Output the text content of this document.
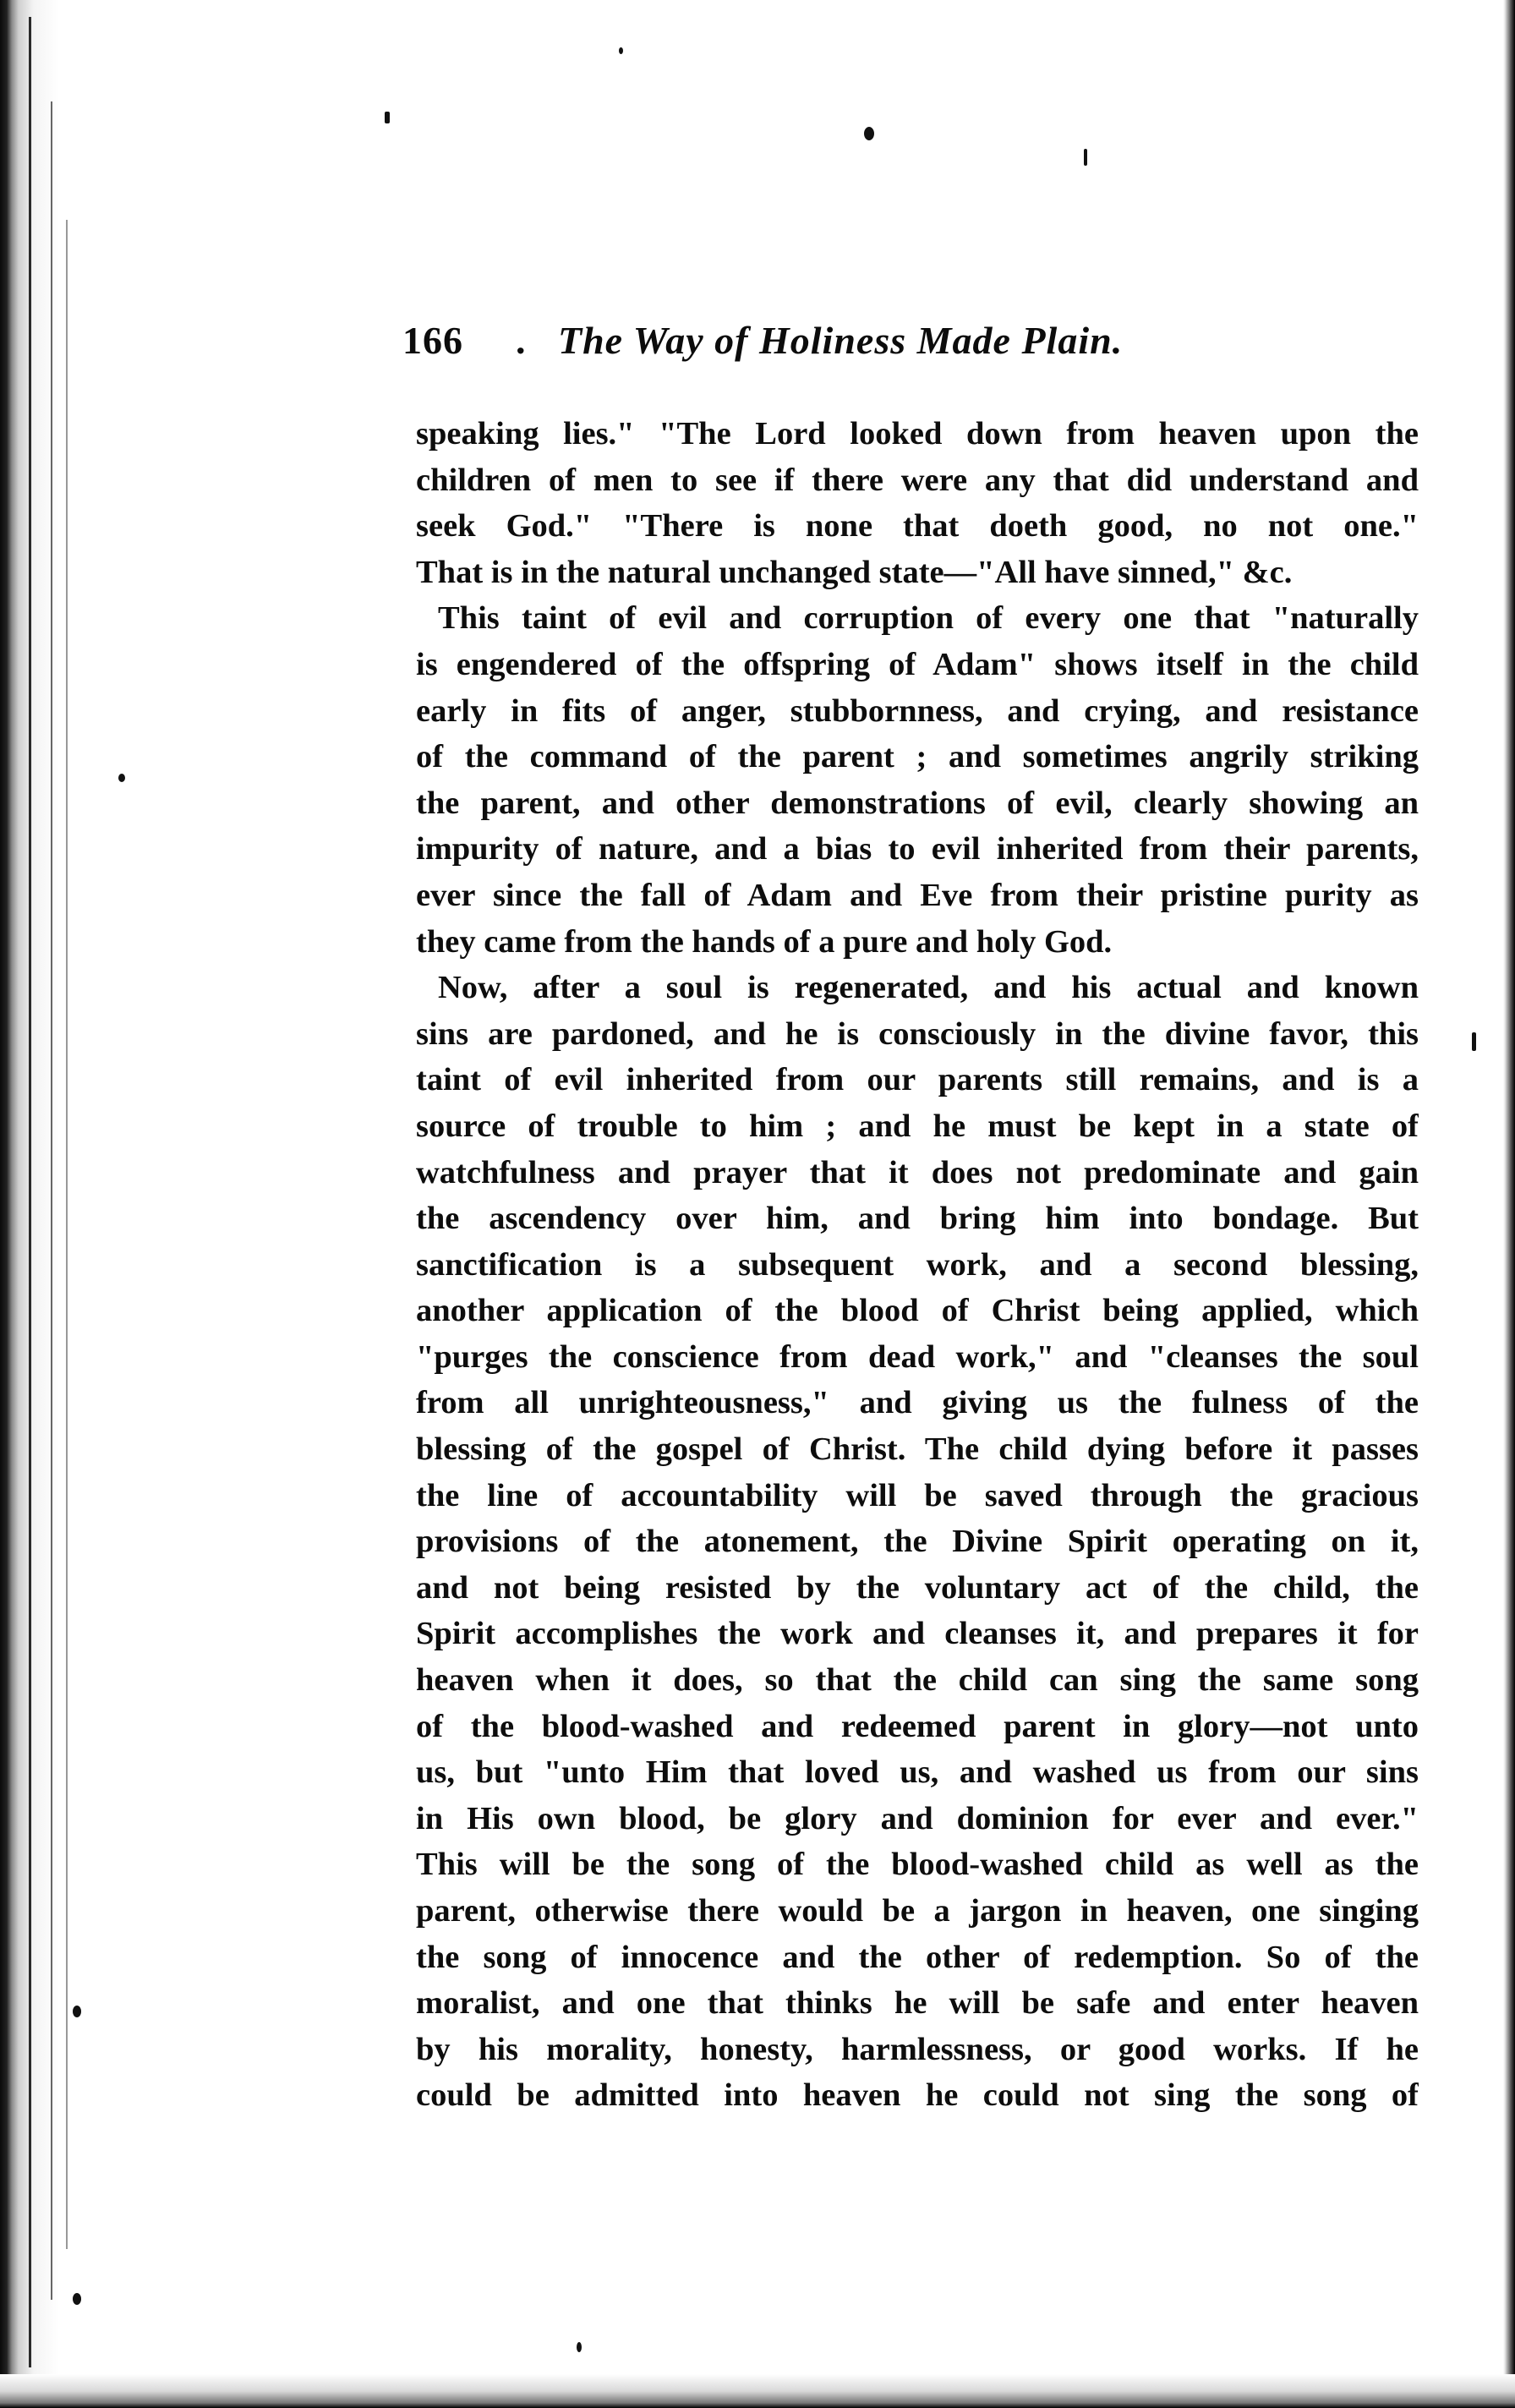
166 . The Way of Holiness Made Plain.
speaking lies." "The Lord looked down from heaven upon the
children of men to see if there were any that did understand and
seek God." "There is none that doeth good, no not one."
That is in the natural unchanged state—"All have sinned," &c.
This taint of evil and corruption of every one that "naturally
is engendered of the offspring of Adam" shows itself in the child
early in fits of anger, stubbornness, and crying, and resistance
of the command of the parent ; and sometimes angrily striking
the parent, and other demonstrations of evil, clearly showing an
impurity of nature, and a bias to evil inherited from their parents,
ever since the fall of Adam and Eve from their pristine purity as
they came from the hands of a pure and holy God.
Now, after a soul is regenerated, and his actual and known
sins are pardoned, and he is consciously in the divine favor, this
taint of evil inherited from our parents still remains, and is a
source of trouble to him ; and he must be kept in a state of
watchfulness and prayer that it does not predominate and gain
the ascendency over him, and bring him into bondage. But
sanctification is a subsequent work, and a second blessing,
another application of the blood of Christ being applied, which
"purges the conscience from dead work," and "cleanses the soul
from all unrighteousness," and giving us the fulness of the
blessing of the gospel of Christ. The child dying before it passes
the line of accountability will be saved through the gracious
provisions of the atonement, the Divine Spirit operating on it,
and not being resisted by the voluntary act of the child, the
Spirit accomplishes the work and cleanses it, and prepares it for
heaven when it does, so that the child can sing the same song
of the blood-washed and redeemed parent in glory—not unto
us, but "unto Him that loved us, and washed us from our sins
in His own blood, be glory and dominion for ever and ever."
This will be the song of the blood-washed child as well as the
parent, otherwise there would be a jargon in heaven, one singing
the song of innocence and the other of redemption. So of the
moralist, and one that thinks he will be safe and enter heaven
by his morality, honesty, harmlessness, or good works. If he
could be admitted into heaven he could not sing the song of
